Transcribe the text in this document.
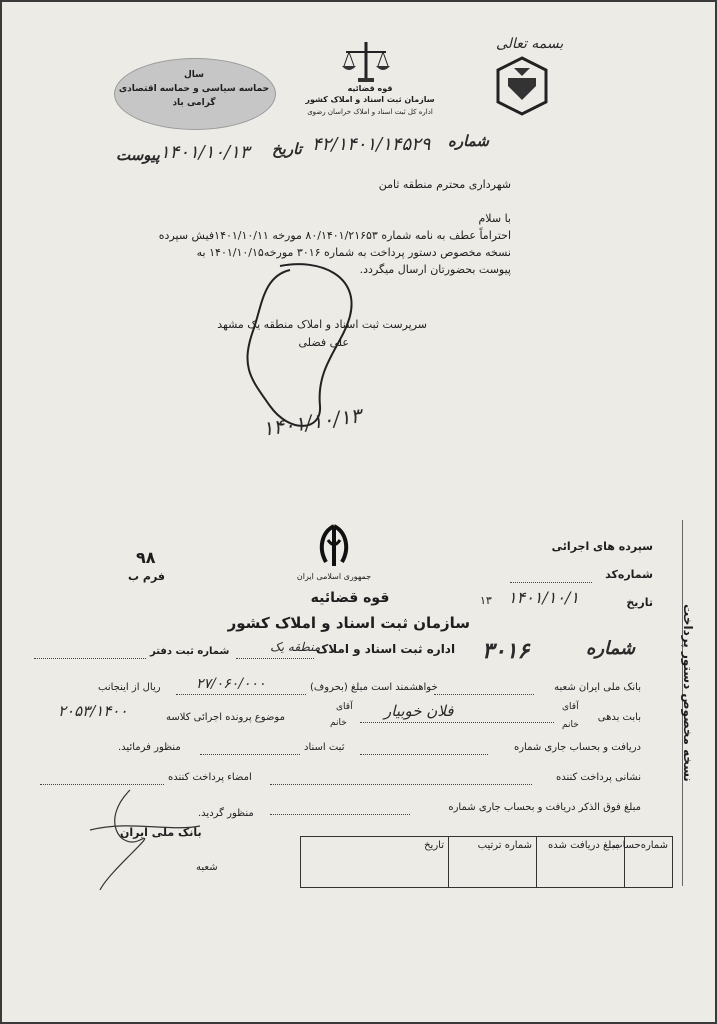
بسمه تعالی
قوه قضائیه
سازمان ثبت اسناد و املاک کشور
اداره کل ثبت اسناد و املاک خراسان رضوی
سال
حماسه سیاسی و حماسه اقتصادی
گرامی باد
شماره
۴۲/۱۴۰۱/۱۴۵۲۹
تاریخ
۱۴۰۱/۱۰/۱۳
پیوست
شهرداری محترم منطقه ثامن
با سلام
احتراماً عطف به نامه شماره ۸۰/۱۴۰۱/۲۱۶۵۳ مورخه ۱۴۰۱/۱۰/۱۱فیش سپرده
نسخه مخصوص دستور پرداخت به شماره ۳۰۱۶ مورخه۱۴۰۱/۱۰/۱۵ به
پیوست بحضورتان ارسال میگردد.
سرپرست ثبت اسناد و املاک منطقه یک مشهد
علی فضلی
۱۴۰۱/۱۰/۱۳
جمهوری اسلامی ایران
قوه قضائیه
سازمان ثبت اسناد و املاک کشور
۹۸
فرم ب
سپرده های اجرائی
شماره‌کد
تاریخ
۱۴۰۱/۱۰/۱
۱۳
اداره ثبت اسناد و املاک
منطقه یک
شماره ثبت دفتر	شماره
۳۰۱۶
بانک ملی ایران شعبه
خواهشمند است مبلغ (بحروف)
۲۷/۰۶۰/۰۰۰
ریال از اینجانب
بابت بدهی
آقای
خانم
فلان خوبیار
آقای
خانم
موضوع پرونده اجرائی کلاسه
۲۰۵۳/۱۴۰۰
دریافت و بحساب جاری شماره
ثبت اسناد
منظور فرمائید.
نشانی پرداخت کننده
امضاء پرداخت کننده
مبلغ فوق الذکر دریافت و بحساب جاری شماره
منظور گردید.
بانک ملی ایران
شعبه
شماره‌حساب
مبلغ دریافت شده
شماره ترتیب
تاریخ
نسخه مخصوص دستور پرداخت
